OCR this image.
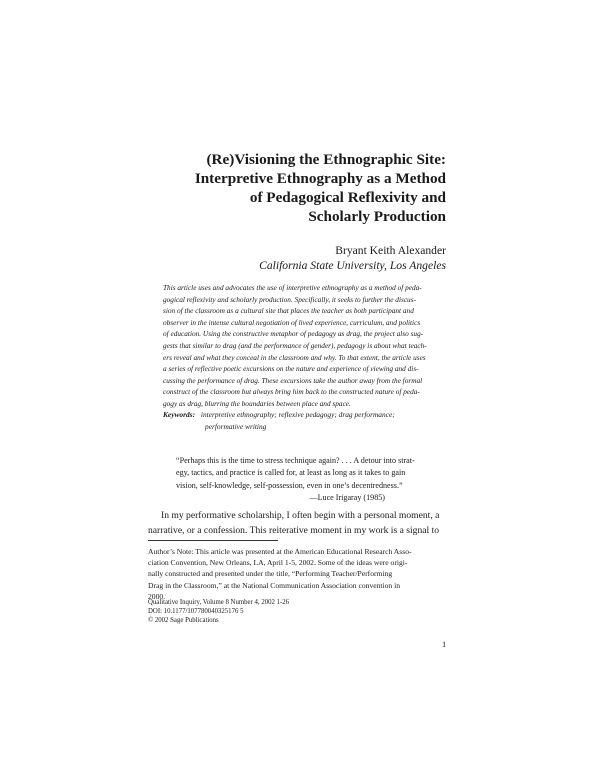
(Re)Visioning the Ethnographic Site:
Interpretive Ethnography as a Method
of Pedagogical Reflexivity and
Scholarly Production
Bryant Keith Alexander
California State University, Los Angeles
This article uses and advocates the use of interpretive ethnography as a method of peda-
gogical reflexivity and scholarly production. Specifically, it seeks to further the discus-
sion of the classroom as a cultural site that places the teacher as both participant and
observer in the intense cultural negotiation of lived experience, curriculum, and politics
of education. Using the constructive metaphor of pedagogy as drag, the project also sug-
gests that similar to drag (and the performance of gender), pedagogy is about what teach-
ers reveal and what they conceal in the classroom and why. To that extent, the article uses
a series of reflective poetic excursions on the nature and experience of viewing and dis-
cussing the performance of drag. These excursions take the author away from the formal
construct of the classroom but always bring him back to the constructed nature of peda-
gogy as drag, blurring the boundaries between place and space.
Keywords: interpretive ethnography; reflexive pedagogy; drag performance;
performative writing
“Perhaps this is the time to stress technique again? . . . A detour into strat-
egy, tactics, and practice is called for, at least as long as it takes to gain
vision, self-knowledge, self-possession, even in one’s decentredness.”
—Luce Irigaray (1985)
In my performative scholarship, I often begin with a personal moment, a
narrative, or a confession. This reiterative moment in my work is a signal to
Author’s Note: This article was presented at the American Educational Research Asso-
ciation Convention, New Orleans, LA, April 1-5, 2002. Some of the ideas were origi-
nally constructed and presented under the title, “Performing Teacher/Performing
Drag in the Classroom,” at the National Communication Association convention in
2000.
Qualitative Inquiry, Volume 8 Number 4, 2002 1-26
DOI: 10.1177/107780040325176 5
© 2002 Sage Publications
1
